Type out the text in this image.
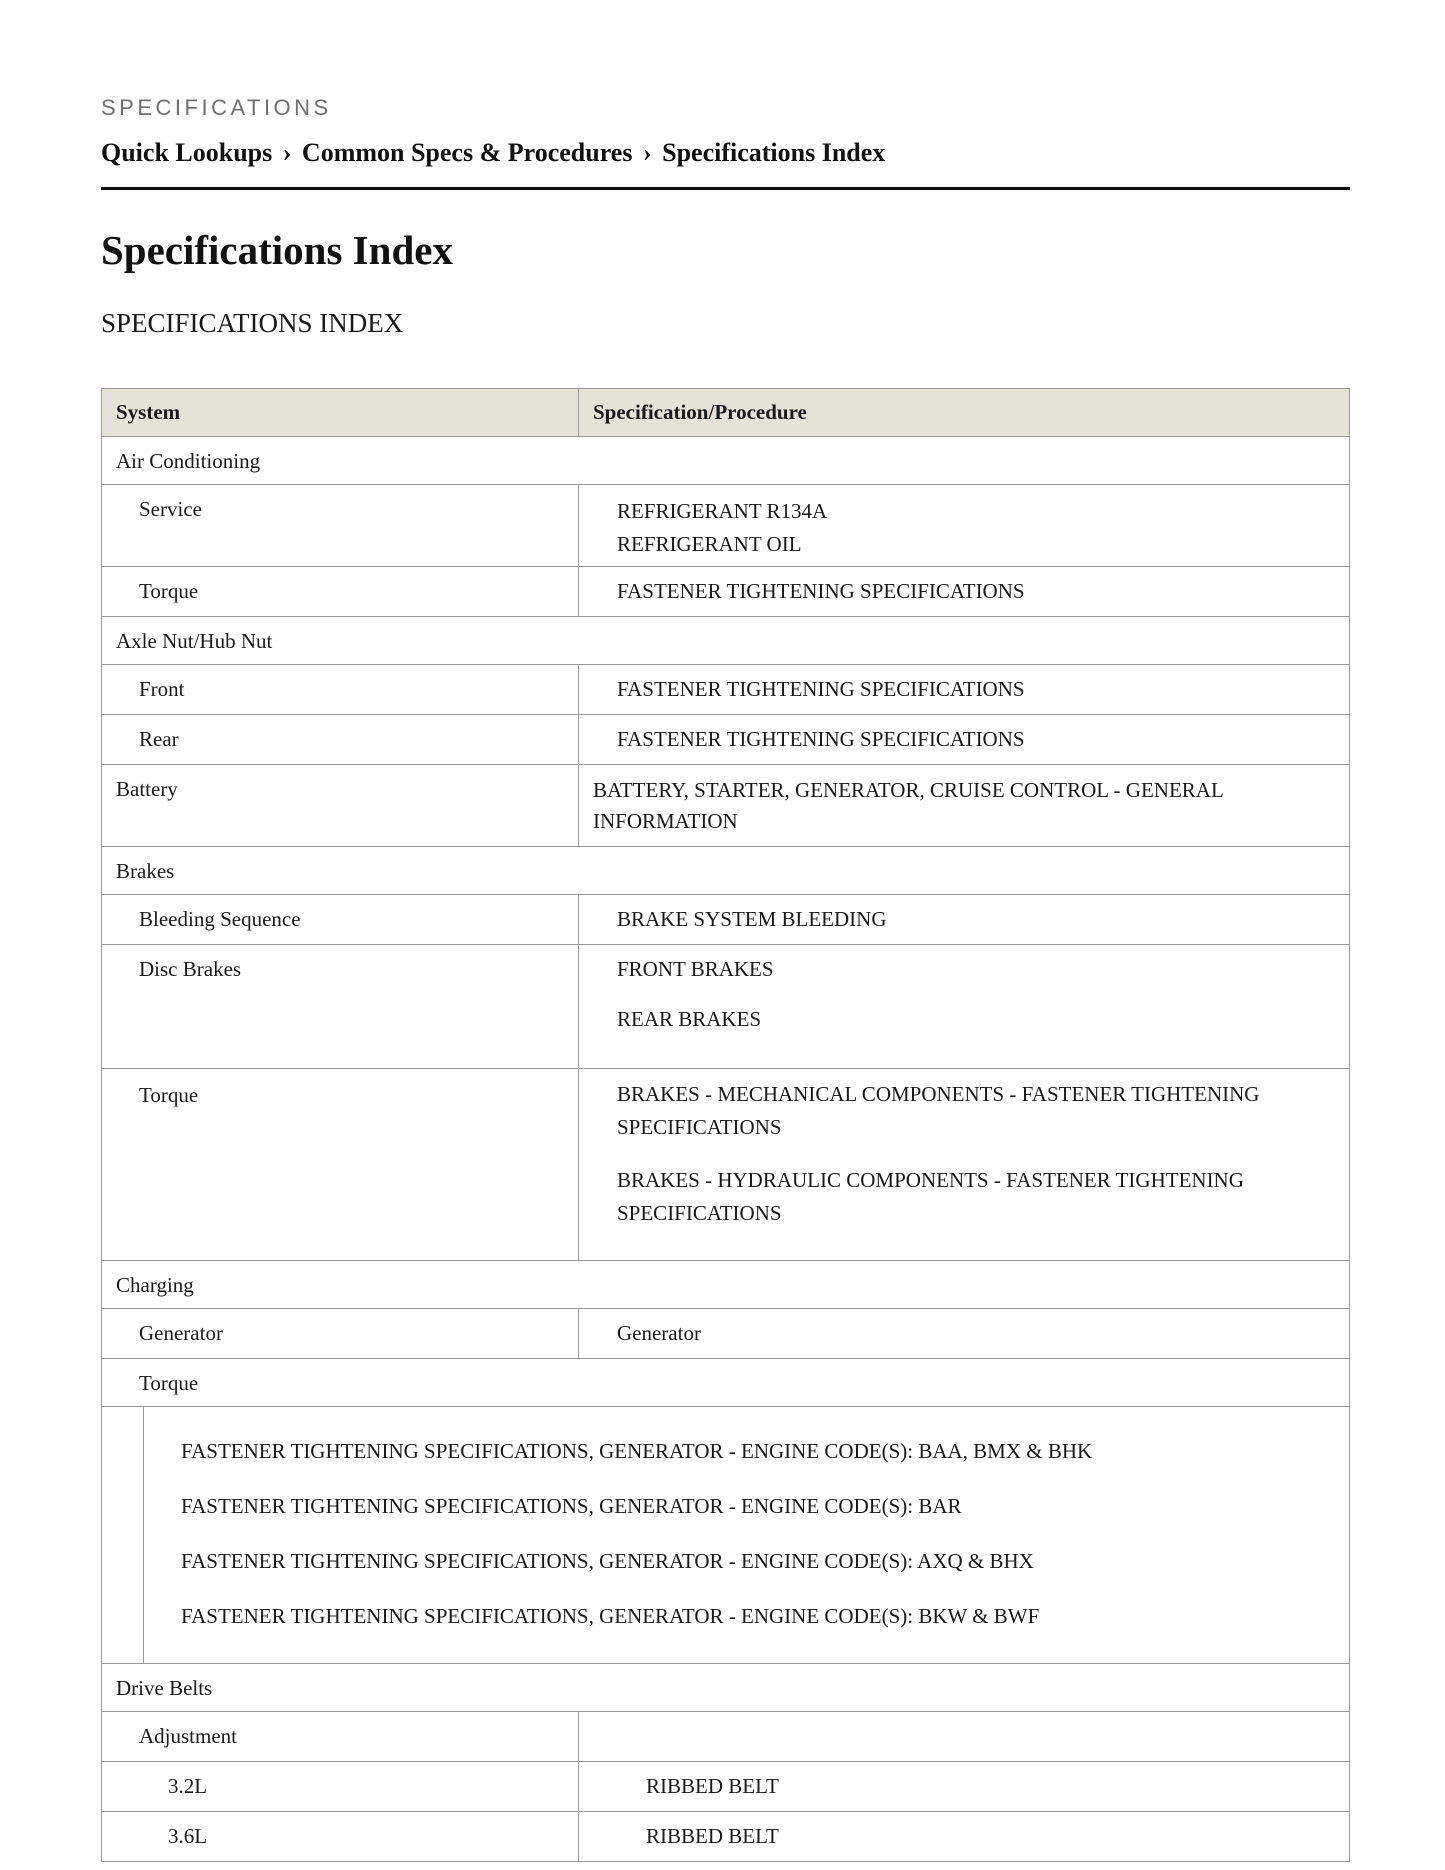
SPECIFICATIONS
Quick Lookups › Common Specs & Procedures › Specifications Index
Specifications Index
SPECIFICATIONS INDEX
System	Specification/Procedure
Air Conditioning	
Service	REFRIGERANT R134A
REFRIGERANT OIL

Torque	FASTENER TIGHTENING SPECIFICATIONS
Axle Nut/Hub Nut	
Front	FASTENER TIGHTENING SPECIFICATIONS
Rear	FASTENER TIGHTENING SPECIFICATIONS
Battery	BATTERY, STARTER, GENERATOR, CRUISE CONTROL - GENERAL INFORMATION
Brakes	
Bleeding Sequence	BRAKE SYSTEM BLEEDING
Disc Brakes	FRONT BRAKES
REAR BRAKES

Torque	BRAKES - MECHANICAL COMPONENTS - FASTENER TIGHTENING SPECIFICATIONS
BRAKES - HYDRAULIC COMPONENTS - FASTENER TIGHTENING SPECIFICATIONS

Charging	
Generator	Generator
Torque	

FASTENER TIGHTENING SPECIFICATIONS, GENERATOR - ENGINE CODE(S): BAA, BMX & BHK
FASTENER TIGHTENING SPECIFICATIONS, GENERATOR - ENGINE CODE(S): BAR
FASTENER TIGHTENING SPECIFICATIONS, GENERATOR - ENGINE CODE(S): AXQ & BHX
FASTENER TIGHTENING SPECIFICATIONS, GENERATOR - ENGINE CODE(S): BKW & BWF	

Drive Belts	
Adjustment	
3.2L	RIBBED BELT
3.6L	RIBBED BELT
